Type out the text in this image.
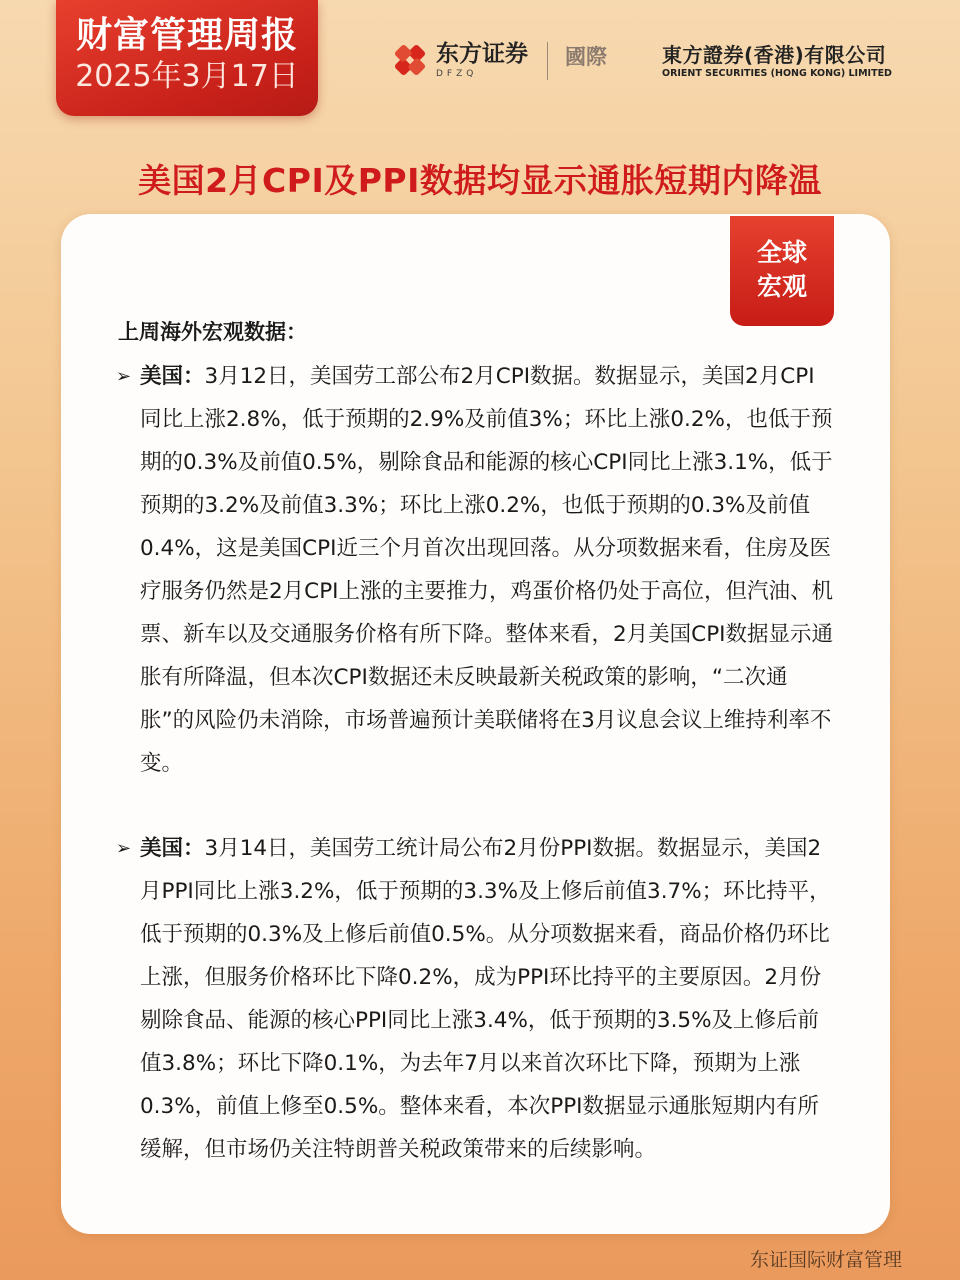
财富管理周报
2025年3月17日
东方证券
DFZQ
國際	東方證券(香港)有限公司
ORIENT SECURITIES (HONG KONG) LIMITED
美国2月CPI及PPI数据均显示通胀短期内降温
全球
宏观
上周海外宏观数据：
➢ 美国：3月12日，美国劳工部公布2月CPI数据。数据显示，美国2月CPI同比上涨2.8%，低于预期的2.9%及前值3%；环比上涨0.2%，也低于预期的0.3%及前值0.5%，剔除食品和能源的核心CPI同比上涨3.1%，低于预期的3.2%及前值3.3%；环比上涨0.2%，也低于预期的0.3%及前值0.4%，这是美国CPI近三个月首次出现回落。从分项数据来看，住房及医疗服务仍然是2月CPI上涨的主要推力，鸡蛋价格仍处于高位，但汽油、机票、新车以及交通服务价格有所下降。整体来看，2月美国CPI数据显示通胀有所降温，但本次CPI数据还未反映最新关税政策的影响，“二次通胀”的风险仍未消除，市场普遍预计美联储将在3月议息会议上维持利率不变。
➢ 美国：3月14日，美国劳工统计局公布2月份PPI数据。数据显示，美国2月PPI同比上涨3.2%，低于预期的3.3%及上修后前值3.7%；环比持平，低于预期的0.3%及上修后前值0.5%。从分项数据来看，商品价格仍环比上涨，但服务价格环比下降0.2%，成为PPI环比持平的主要原因。2月份剔除食品、能源的核心PPI同比上涨3.4%，低于预期的3.5%及上修后前值3.8%；环比下降0.1%，为去年7月以来首次环比下降，预期为上涨0.3%，前值上修至0.5%。整体来看，本次PPI数据显示通胀短期内有所缓解，但市场仍关注特朗普关税政策带来的后续影响。
东证国际财富管理
